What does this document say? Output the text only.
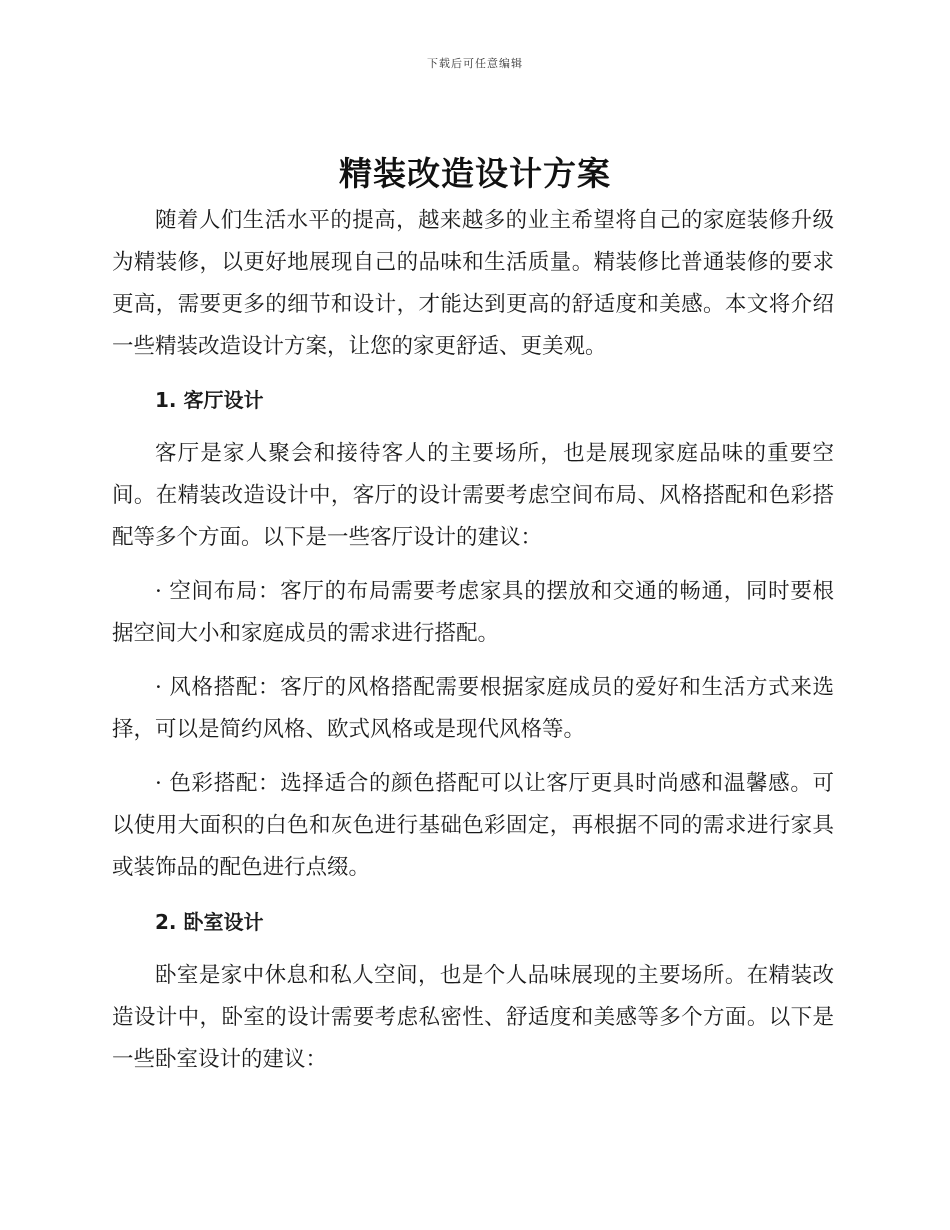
下载后可任意编辑
精装改造设计方案

随着人们生活水平的提高，越来越多的业主希望将自己的家庭装修升级为精装修，以更好地展现自己的品味和生活质量。精装修比普通装修的要求更高，需要更多的细节和设计，才能达到更高的舒适度和美感。本文将介绍一些精装改造设计方案，让您的家更舒适、更美观。

1. 客厅设计

客厅是家人聚会和接待客人的主要场所，也是展现家庭品味的重要空间。在精装改造设计中，客厅的设计需要考虑空间布局、风格搭配和色彩搭配等多个方面。以下是一些客厅设计的建议：

· 空间布局：客厅的布局需要考虑家具的摆放和交通的畅通，同时要根据空间大小和家庭成员的需求进行搭配。

· 风格搭配：客厅的风格搭配需要根据家庭成员的爱好和生活方式来选择，可以是简约风格、欧式风格或是现代风格等。

· 色彩搭配：选择适合的颜色搭配可以让客厅更具时尚感和温馨感。可以使用大面积的白色和灰色进行基础色彩固定，再根据不同的需求进行家具或装饰品的配色进行点缀。

2. 卧室设计

卧室是家中休息和私人空间，也是个人品味展现的主要场所。在精装改造设计中，卧室的设计需要考虑私密性、舒适度和美感等多个方面。以下是一些卧室设计的建议：
